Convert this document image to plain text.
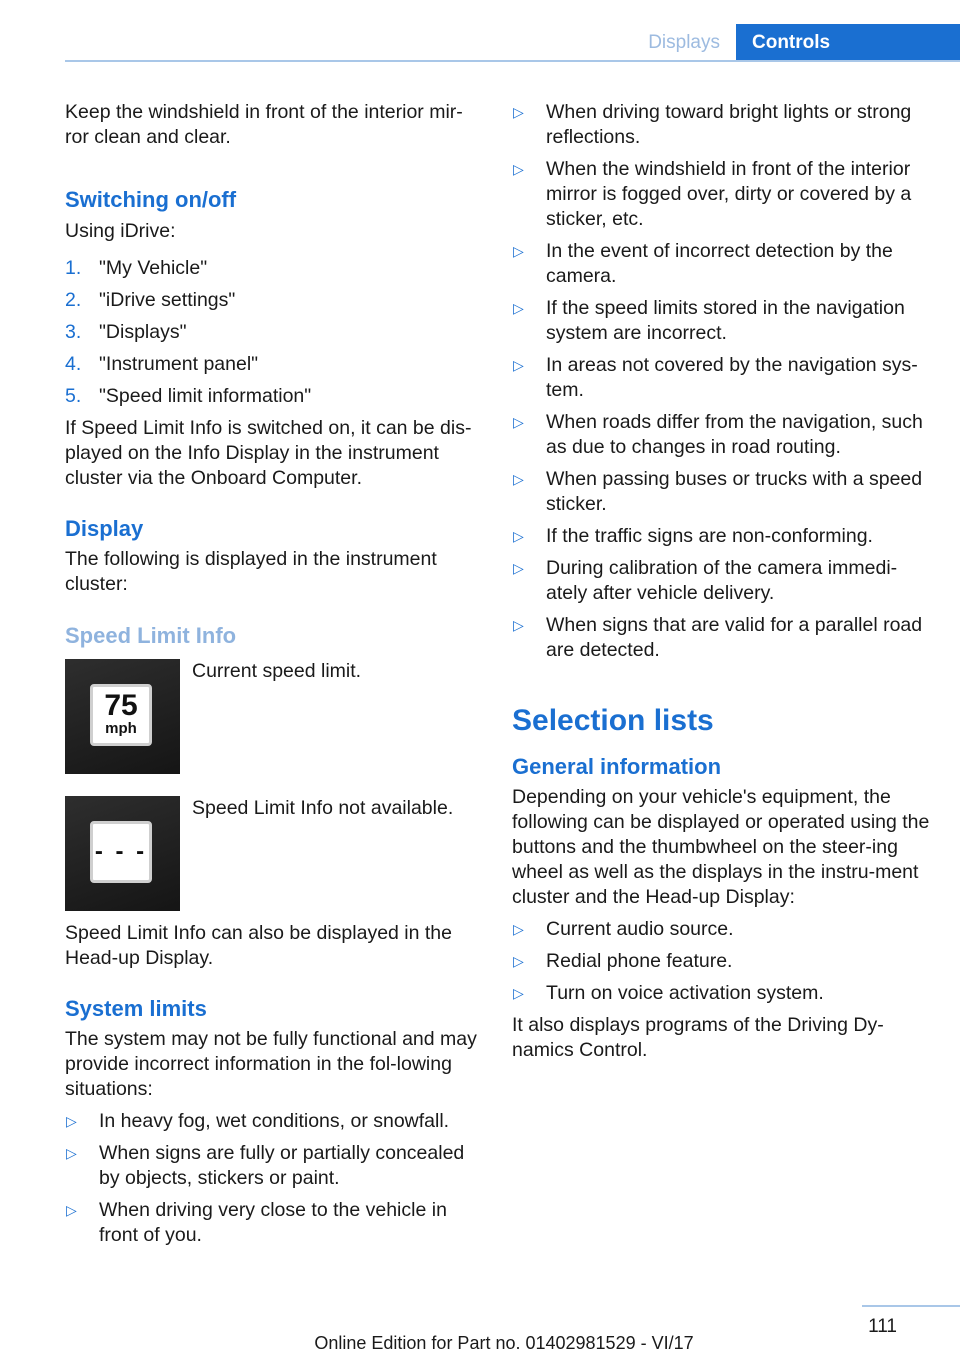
Displays	Controls

Keep the windshield in front of the interior mir-ror clean and clear.

Switching on/off

Using iDrive:

1. "My Vehicle"
2. "iDrive settings"
3. "Displays"
4. "Instrument panel"
5. "Speed limit information"

If Speed Limit Info is switched on, it can be dis-played on the Info Display in the instrument cluster via the Onboard Computer.

Display

The following is displayed in the instrument cluster:

Speed Limit Info
75
mph

Current speed limit.

- - -

Speed Limit Info not available.

Speed Limit Info can also be displayed in the Head-up Display.

System limits

The system may not be fully functional and may provide incorrect information in the fol-lowing situations:

▷ In heavy fog, wet conditions, or snowfall.
▷ When signs are fully or partially concealed by objects, stickers or paint.
▷ When driving very close to the vehicle in front of you.
▷ When driving toward bright lights or strong reflections.
▷ When the windshield in front of the interior mirror is fogged over, dirty or covered by a sticker, etc.
▷ In the event of incorrect detection by the camera.
▷ If the speed limits stored in the navigation system are incorrect.
▷ In areas not covered by the navigation sys-tem.
▷ When roads differ from the navigation, such as due to changes in road routing.
▷ When passing buses or trucks with a speed sticker.
▷ If the traffic signs are non-conforming.
▷ During calibration of the camera immedi-ately after vehicle delivery.
▷ When signs that are valid for a parallel road are detected.
Selection lists
General information

Depending on your vehicle's equipment, the following can be displayed or operated using the buttons and the thumbwheel on the steer-ing wheel as well as the displays in the instru-ment cluster and the Head-up Display:

▷ Current audio source.
▷ Redial phone feature.
▷ Turn on voice activation system.

It also displays programs of the Driving Dy-namics Control.

111
Online Edition for Part no. 01402981529 - VI/17
